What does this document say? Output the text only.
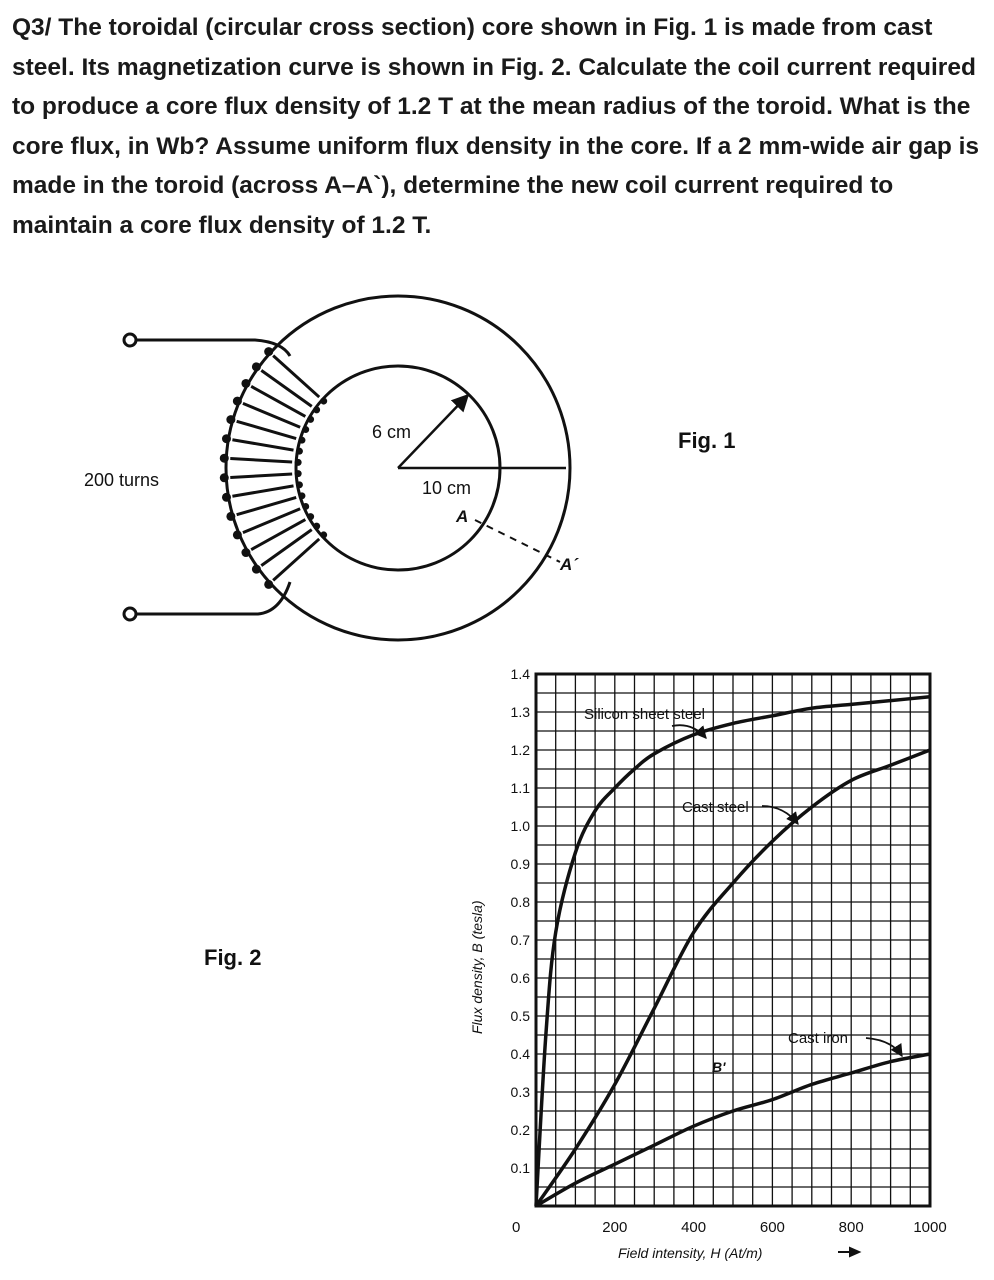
Q3/ The toroidal (circular cross section) core shown in Fig. 1 is made from cast steel. Its magnetization curve is shown in Fig. 2. Calculate the coil current required to produce a core flux density of 1.2 T at the mean radius of the toroid. What is the core flux, in Wb? Assume uniform flux density in the core. If a 2 mm-wide air gap is made in the toroid (across A–A`), determine the new coil current required to maintain a core flux density of 1.2 T.
6 cm
10 cm
A
A´
200 turns
Fig. 1
Fig. 2
0.1
0.2
0.3
0.4
0.5
0.6
0.7
0.8
0.9
1.0
1.1
1.2
1.3
1.4
200	400	600	800	1000
0
Field intensity, H (At/m)
Flux density, B (tesla)
Silicon sheet steel
Cast steel
Cast iron
B'
